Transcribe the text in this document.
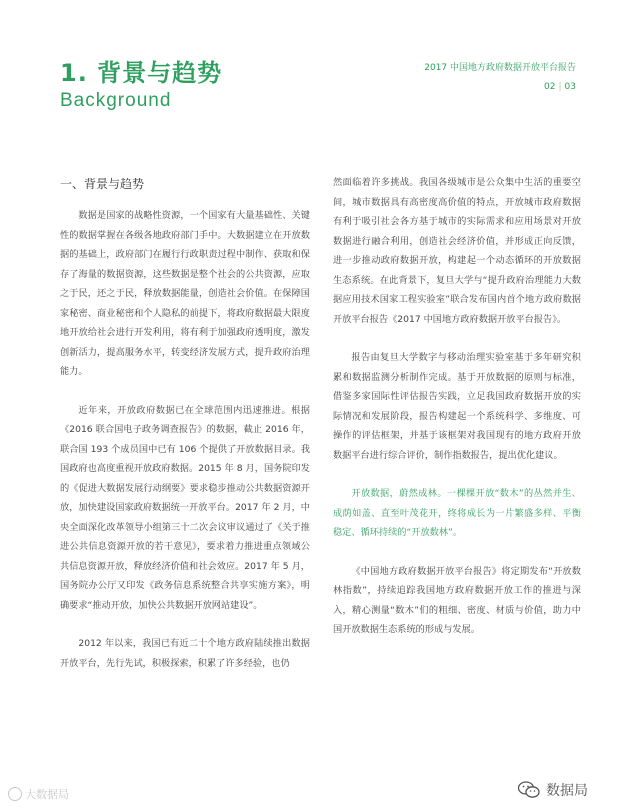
1. 背景与趋势
Background
2017 中国地方政府数据开放平台报告
02 | 03
一、背景与趋势

数据是国家的战略性资源，一个国家有大量基础性、关键性的数据掌握在各级各地政府部门手中。大数据建立在开放数据的基础上，政府部门在履行行政职责过程中制作、获取和保存了海量的数据资源，这些数据是整个社会的公共资源，应取之于民，还之于民，释放数据能量，创造社会价值。在保障国家秘密、商业秘密和个人隐私的前提下，将政府数据最大限度地开放给社会进行开发利用，将有利于加强政府透明度，激发创新活力，提高服务水平，转变经济发展方式，提升政府治理能力。

近年来，开放政府数据已在全球范围内迅速推进。根据《2016 联合国电子政务调查报告》的数据，截止 2016 年，联合国 193 个成员国中已有 106 个提供了开放数据目录。我国政府也高度重视开放政府数据。2015 年 8 月，国务院印发的《促进大数据发展行动纲要》要求稳步推动公共数据资源开放，加快建设国家政府数据统一开放平台。2017 年 2 月，中央全面深化改革领导小组第三十二次会议审议通过了《关于推进公共信息资源开放的若干意见》，要求着力推进重点领域公共信息资源开放，释放经济价值和社会效应。2017 年 5 月，国务院办公厅又印发《政务信息系统整合共享实施方案》，明确要求“推动开放，加快公共数据开放网站建设”。

2012 年以来，我国已有近二十个地方政府陆续推出数据开放平台，先行先试，积极探索，积累了许多经验，也仍

然面临着许多挑战。我国各级城市是公众集中生活的重要空间，城市数据具有高密度高价值的特点，开放城市政府数据有利于吸引社会各方基于城市的实际需求和应用场景对开放数据进行融合利用，创造社会经济价值，并形成正向反馈，进一步推动政府数据开放，构建起一个动态循环的开放数据生态系统。在此背景下，复旦大学与“提升政府治理能力大数据应用技术国家工程实验室”联合发布国内首个地方政府数据开放平台报告《2017 中国地方政府数据开放平台报告》。

报告由复旦大学数字与移动治理实验室基于多年研究积累和数据监测分析制作完成。基于开放数据的原则与标准，借鉴多家国际性评估报告实践，立足我国政府数据开放的实际情况和发展阶段，报告构建起一个系统科学、多维度、可操作的评估框架，并基于该框架对我国现有的地方政府开放数据平台进行综合评价，制作指数报告，提出优化建议。

开放数据，蔚然成林。一棵棵开放“数木”的丛然并生、成荫如盖、直至叶茂花开，终将成长为一片繁盛多样、平衡稳定、循环持续的“开放数林”。

《中国地方政府数据开放平台报告》将定期发布“开放数林指数”，持续追踪我国地方政府数据开放工作的推进与深入，精心测量“数木”们的粗细、密度、材质与价值，助力中国开放数据生态系统的形成与发展。

大数据局	数据局
